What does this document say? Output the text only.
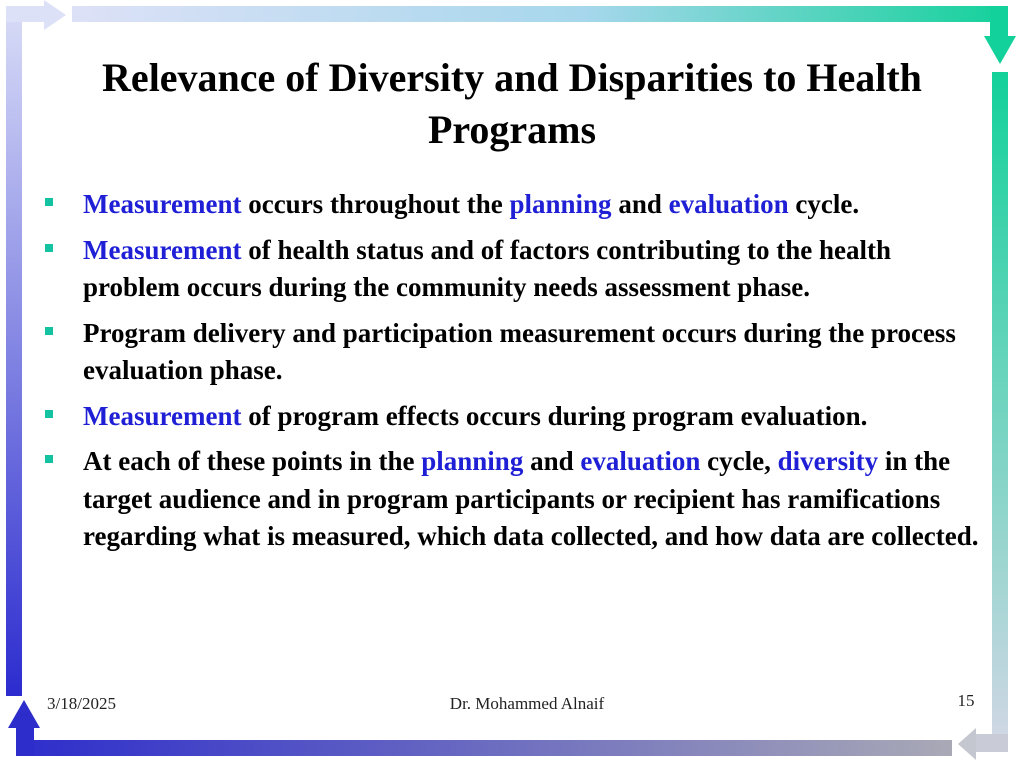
Relevance of Diversity and Disparities to Health Programs
Measurement occurs throughout the planning and evaluation cycle.
Measurement of health status and of factors contributing to the health problem occurs during the community needs assessment phase.
Program delivery and participation measurement occurs during the process evaluation phase.
Measurement of program effects occurs during program evaluation.
At each of these points in the planning and evaluation cycle, diversity in the target audience and in program participants or recipient has ramifications regarding what is measured, which data collected, and how data are collected.
3/18/2025	Dr. Mohammed Alnaif	15
